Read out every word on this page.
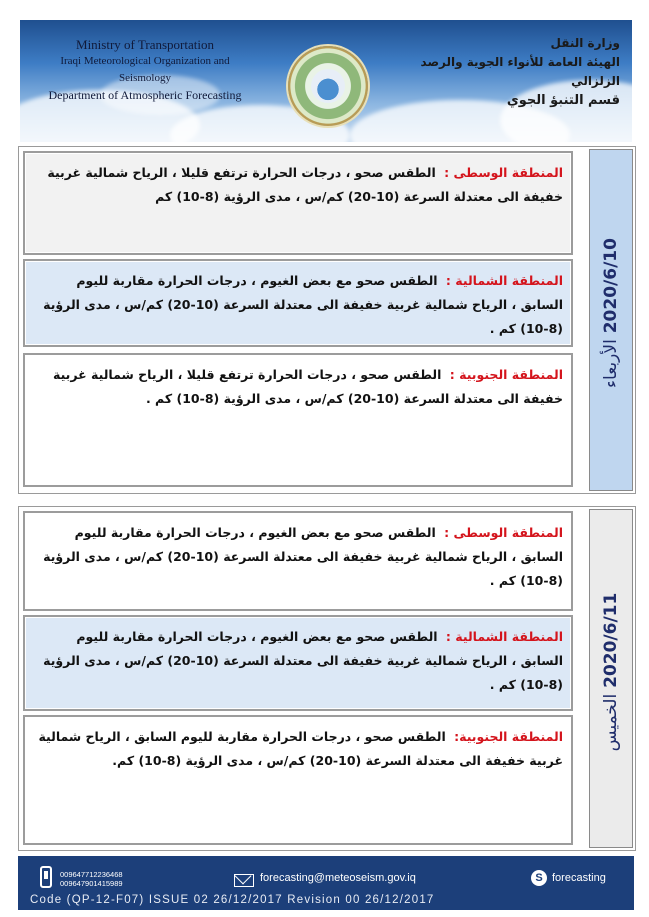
Ministry of Transportation
Iraqi Meteorological Organization and Seismology
Department of Atmospheric Forecasting
وزارة النقل
الهيئة العامة للأنواء الجوية والرصد الزلزالي
قسم التنبؤ الجوي
المنطقة الوسطى : الطقس صحو ، درجات الحرارة ترتفع قليلا ، الرياح شمالية غربية خفيفة الى معتدلة السرعة (10-20) كم/س ، مدى الرؤية (8-10) كم
المنطقة الشمالية : الطقس صحو مع بعض الغيوم ، درجات الحرارة مقاربة لليوم السابق ، الرياح شمالية غربية خفيفة الى معتدلة السرعة (10-20) كم/س ، مدى الرؤية (8-10) كم .
المنطقة الجنوبية : الطقس صحو ، درجات الحرارة ترتفع قليلا ، الرياح شمالية غربية خفيفة الى معتدلة السرعة (10-20) كم/س ، مدى الرؤية (8-10) كم .
2020/6/10 الأربعاء
المنطقة الوسطى : الطقس صحو مع بعض الغيوم ، درجات الحرارة مقاربة لليوم السابق ، الرياح شمالية غربية خفيفة الى معتدلة السرعة (10-20) كم/س ، مدى الرؤية (8-10) كم .
المنطقة الشمالية : الطقس صحو مع بعض الغيوم ، درجات الحرارة مقاربة لليوم السابق ، الرياح شمالية غربية خفيفة الى معتدلة السرعة (10-20) كم/س ، مدى الرؤية (8-10) كم .
المنطقة الجنوبية: الطقس صحو ، درجات الحرارة مقاربة لليوم السابق ، الرياح شمالية غربية خفيفة الى معتدلة السرعة (10-20) كم/س ، مدى الرؤية (8-10) كم.
2020/6/11 الخميس
009647712236468
009647901415989	forecasting@meteoseism.gov.iq	S forecasting
Code (QP-12-F07) ISSUE 02 26/12/2017 Revision 00 26/12/2017
